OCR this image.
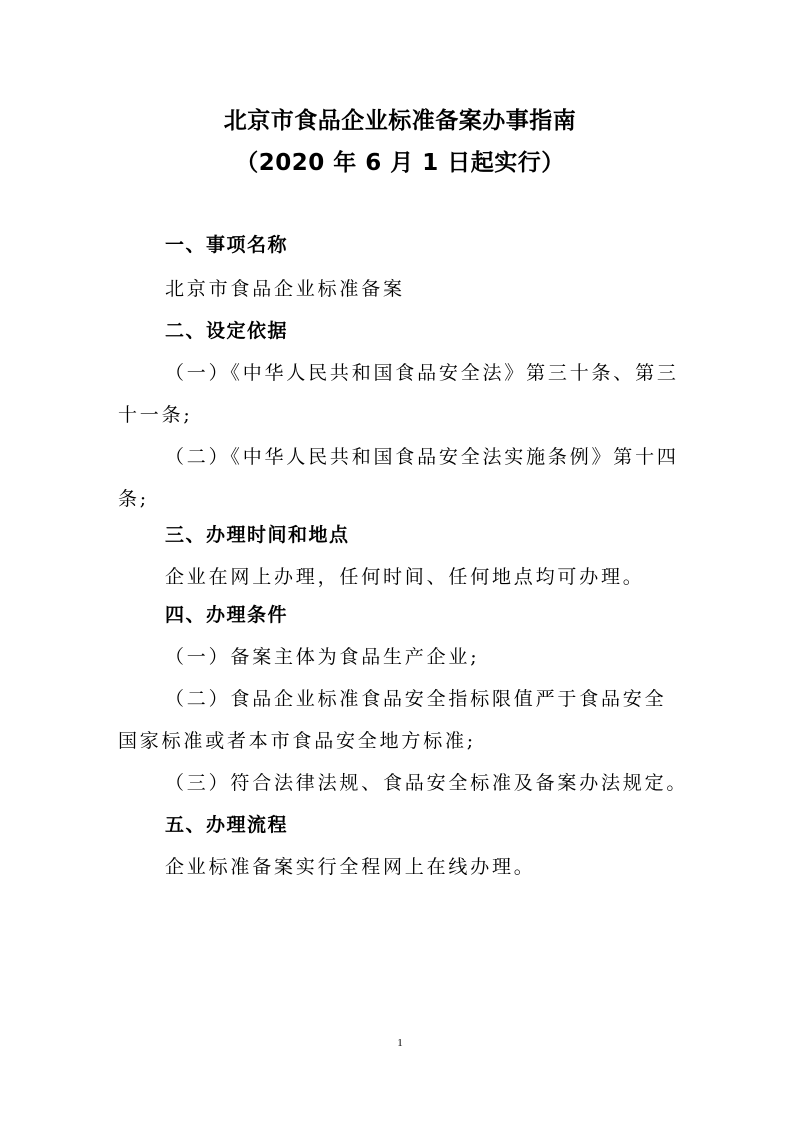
北京市食品企业标准备案办事指南
（2020 年 6 月 1 日起实行）
一、事项名称
北京市食品企业标准备案
二、设定依据
（一）《中华人民共和国食品安全法》第三十条、第三
十一条;
（二）《中华人民共和国食品安全法实施条例》第十四
条;
三、办理时间和地点
企业在网上办理，任何时间、任何地点均可办理。
四、办理条件
（一）备案主体为食品生产企业;
（二）食品企业标准食品安全指标限值严于食品安全
国家标准或者本市食品安全地方标准;
（三）符合法律法规、食品安全标准及备案办法规定。
五、办理流程
企业标准备案实行全程网上在线办理。
1
